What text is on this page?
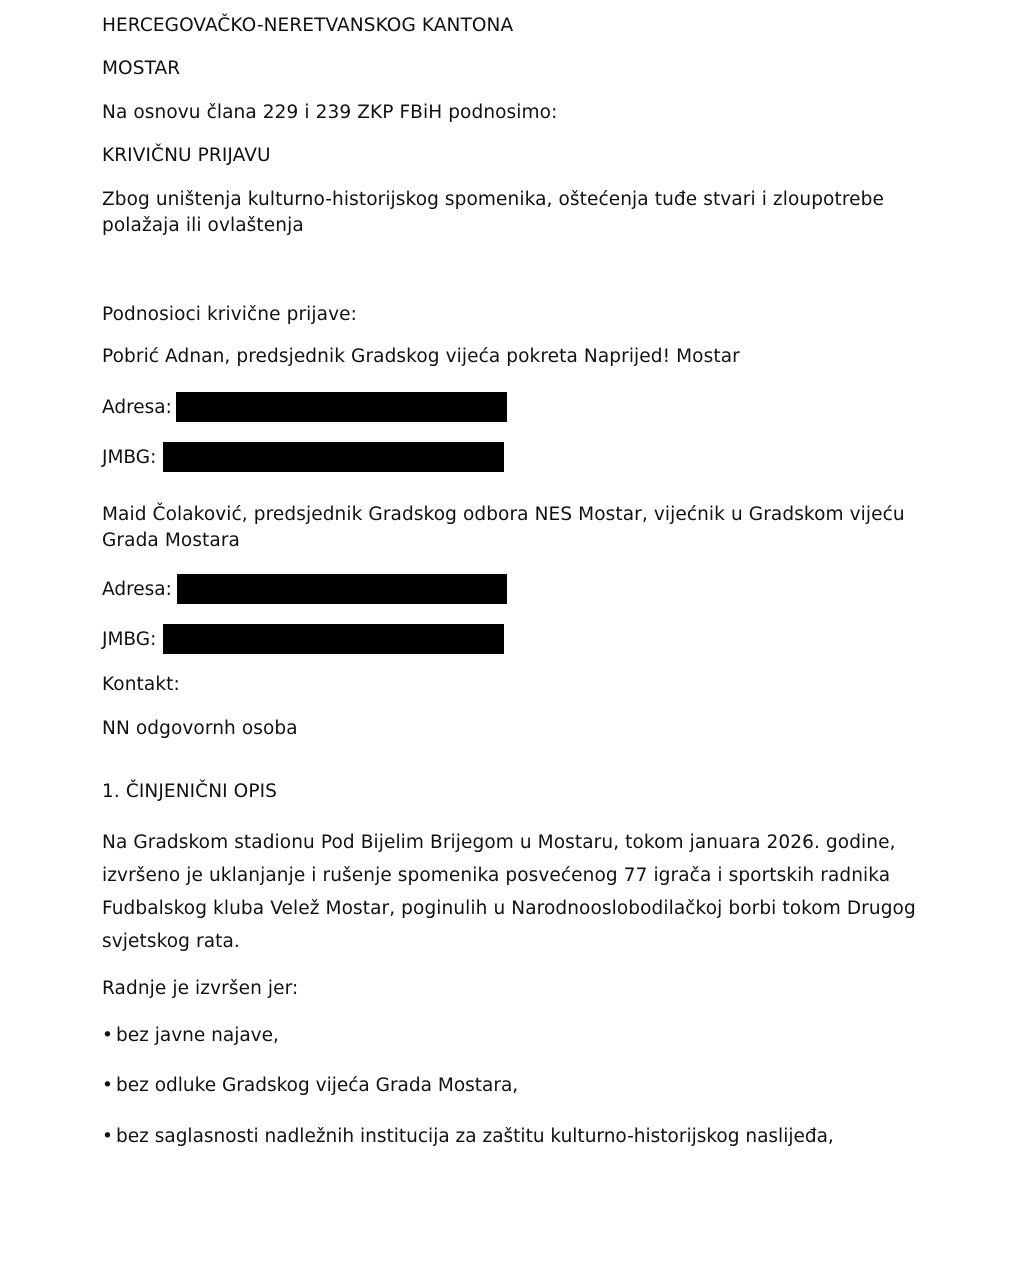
HERCEGOVAČKO-NERETVANSKOG KANTONA
MOSTAR
Na osnovu člana 229 i 239 ZKP FBiH podnosimo:
KRIVIČNU PRIJAVU
Zbog uništenja kulturno-historijskog spomenika, oštećenja tuđe stvari i zloupotrebe polažaja ili ovlaštenja
Podnosioci krivične prijave:
Pobrić Adnan, predsjednik Gradskog vijeća pokreta Naprijed! Mostar
Adresa:
JMBG:
Maid Čolaković, predsjednik Gradskog odbora NES Mostar, vijećnik u Gradskom vijeću Grada Mostara
Adresa:
JMBG:
Kontakt:
NN odgovornh osoba
1. ČINJENIČNI OPIS
Na Gradskom stadionu Pod Bijelim Brijegom u Mostaru, tokom januara 2026. godine, izvršeno je uklanjanje i rušenje spomenika posvećenog 77 igrača i sportskih radnika Fudbalskog kluba Velež Mostar, poginulih u Narodnooslobodilačkoj borbi tokom Drugog svjetskog rata.
Radnje je izvršen jer:
• bez javne najave,
• bez odluke Gradskog vijeća Grada Mostara,
• bez saglasnosti nadležnih institucija za zaštitu kulturno-historijskog naslijeđa,
